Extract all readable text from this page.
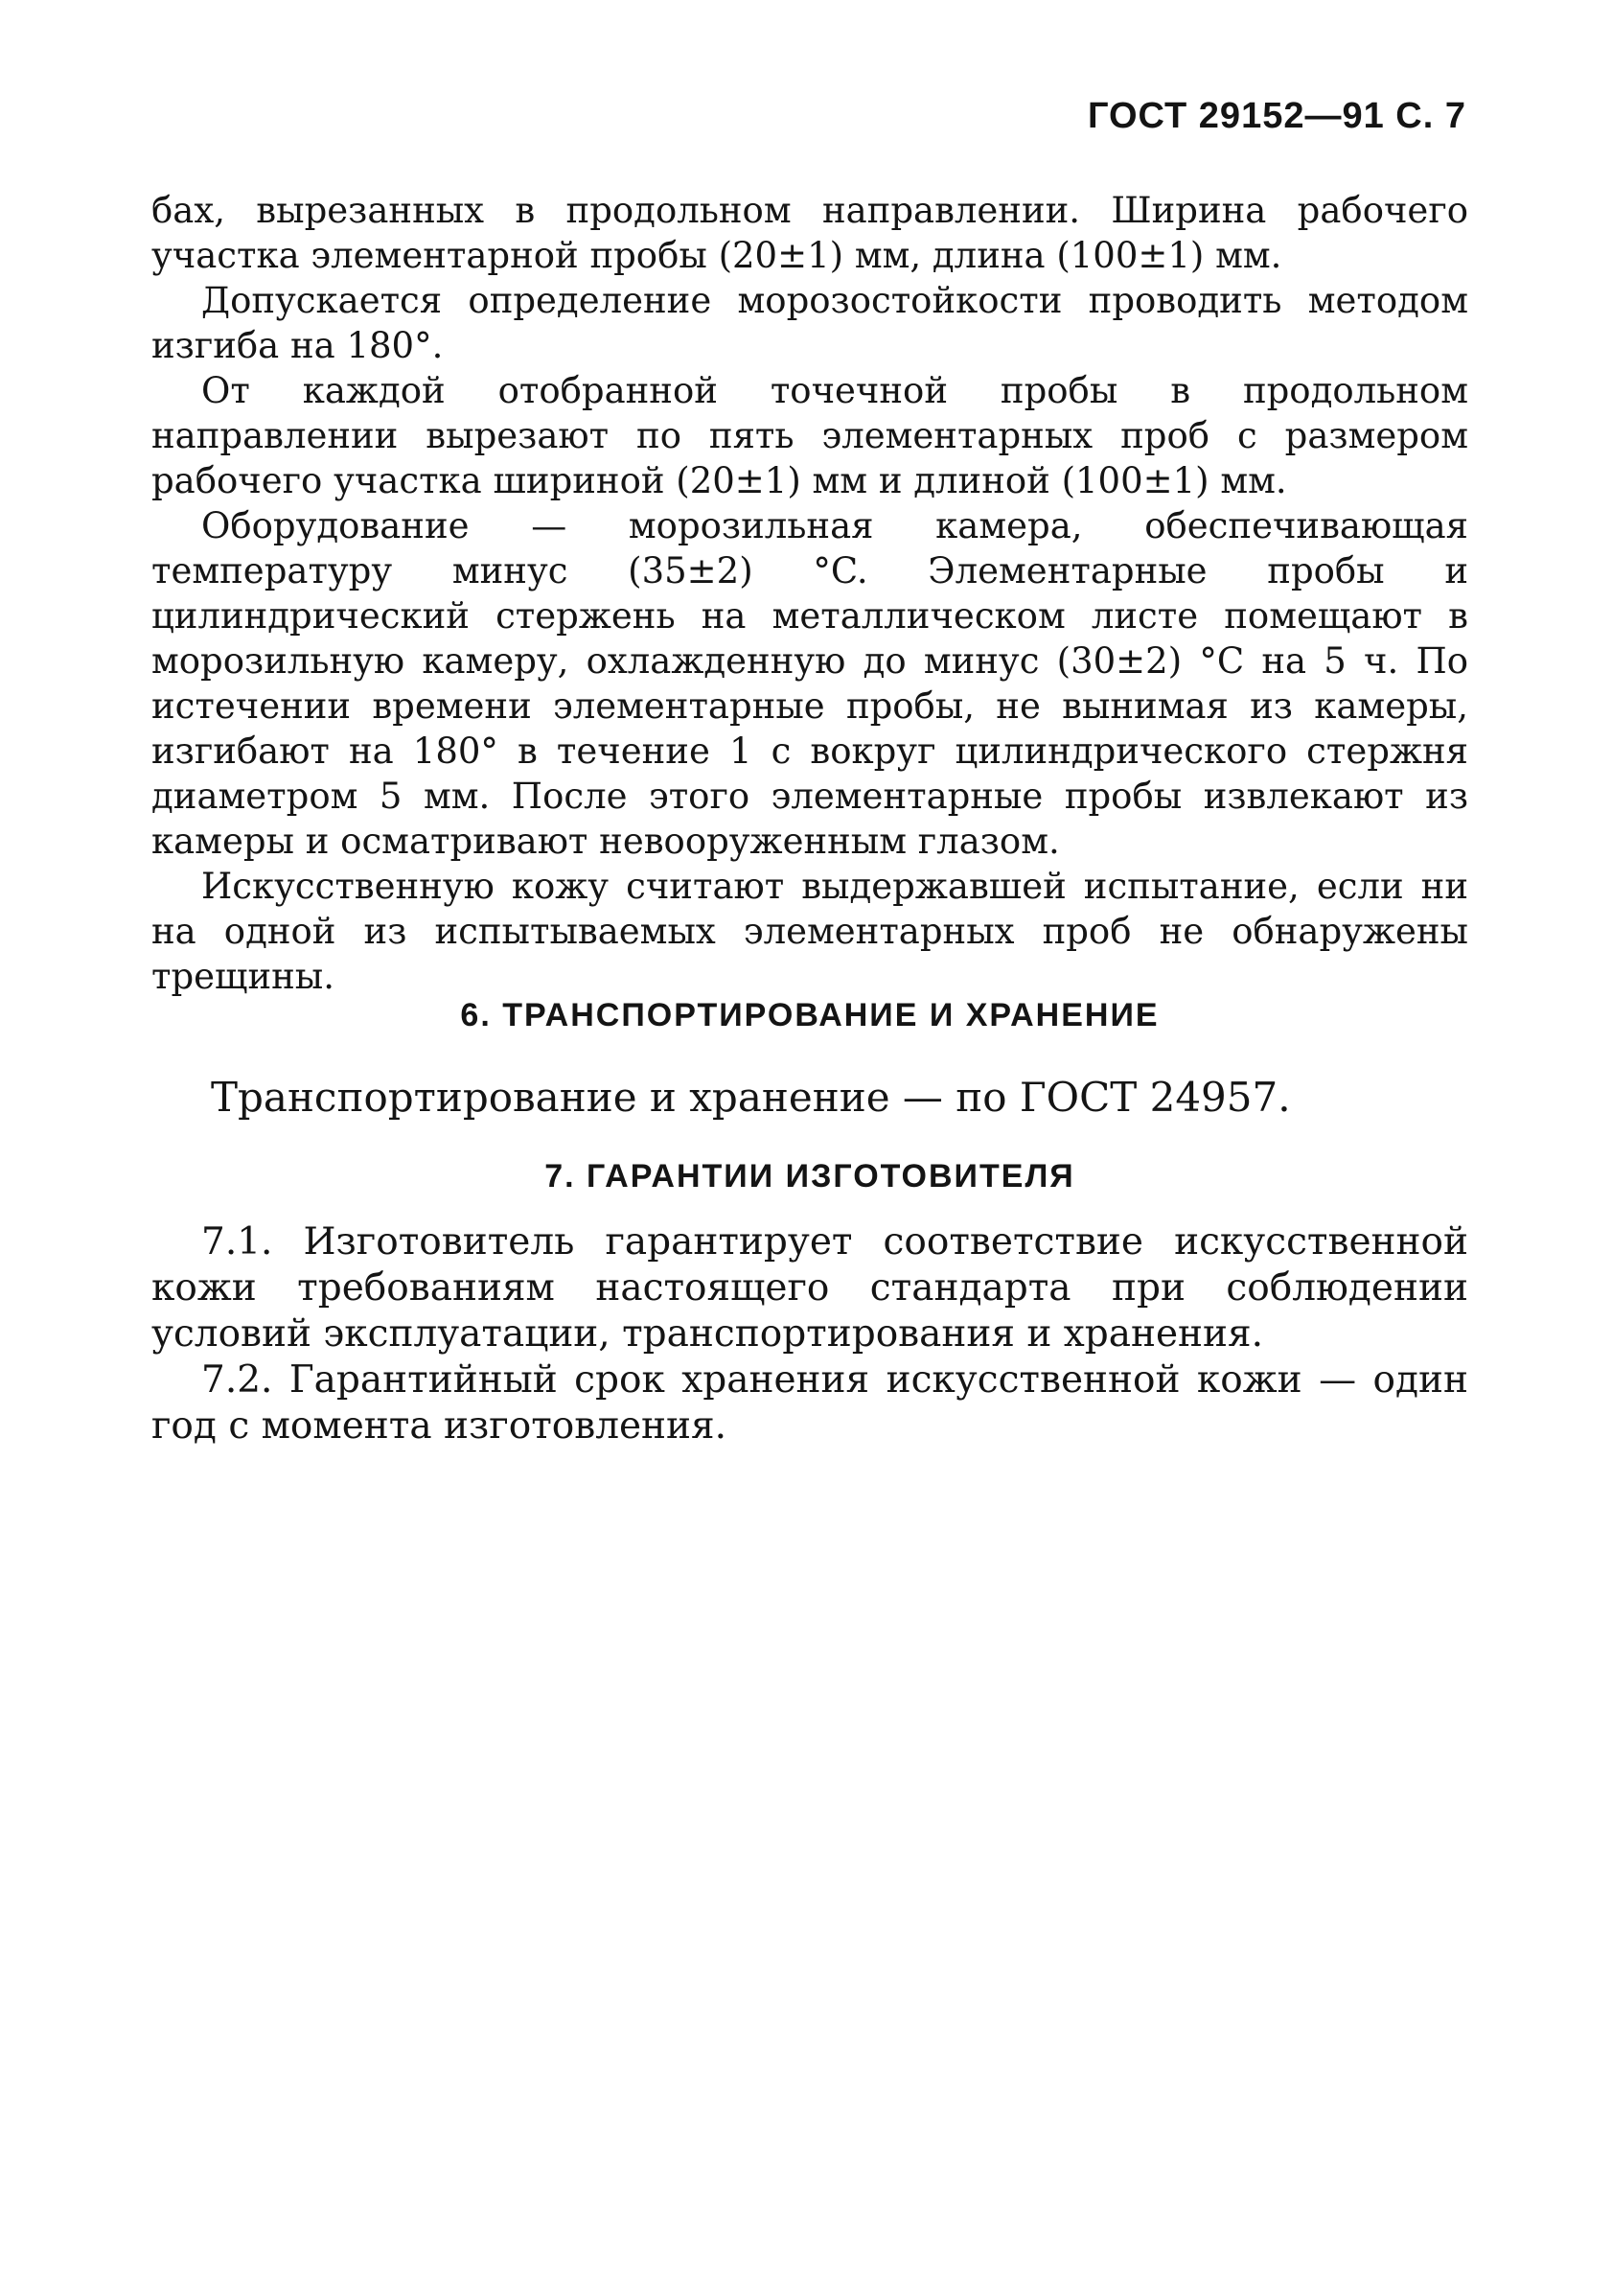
ГОСТ 29152—91 С. 7

бах, вырезанных в продольном направлении. Ширина рабочего участка элементарной пробы (20±1) мм, длина (100±1) мм.

Допускается определение морозостойкости проводить методом изгиба на 180°.

От каждой отобранной точечной пробы в продольном направлении вырезают по пять элементарных проб с размером рабочего участка шириной (20±1) мм и длиной (100±1) мм.

Оборудование — морозильная камера, обеспечивающая температуру минус (35±2) °C. Элементарные пробы и цилиндрический стержень на металлическом листе помещают в морозильную камеру, охлажденную до минус (30±2) °C на 5 ч. По истечении времени элементарные пробы, не вынимая из камеры, изгибают на 180° в течение 1 с вокруг цилиндрического стержня диаметром 5 мм. После этого элементарные пробы извлекают из камеры и осматривают невооруженным глазом.

Искусственную кожу считают выдержавшей испытание, если ни на одной из испытываемых элементарных проб не обнаружены трещины.

6. ТРАНСПОРТИРОВАНИЕ И ХРАНЕНИЕ
Транспортирование и хранение — по ГОСТ 24957.
7. ГАРАНТИИ ИЗГОТОВИТЕЛЯ

7.1. Изготовитель гарантирует соответствие искусственной кожи требованиям настоящего стандарта при соблюдении условий эксплуатации, транспортирования и хранения.

7.2. Гарантийный срок хранения искусственной кожи — один год с момента изготовления.
